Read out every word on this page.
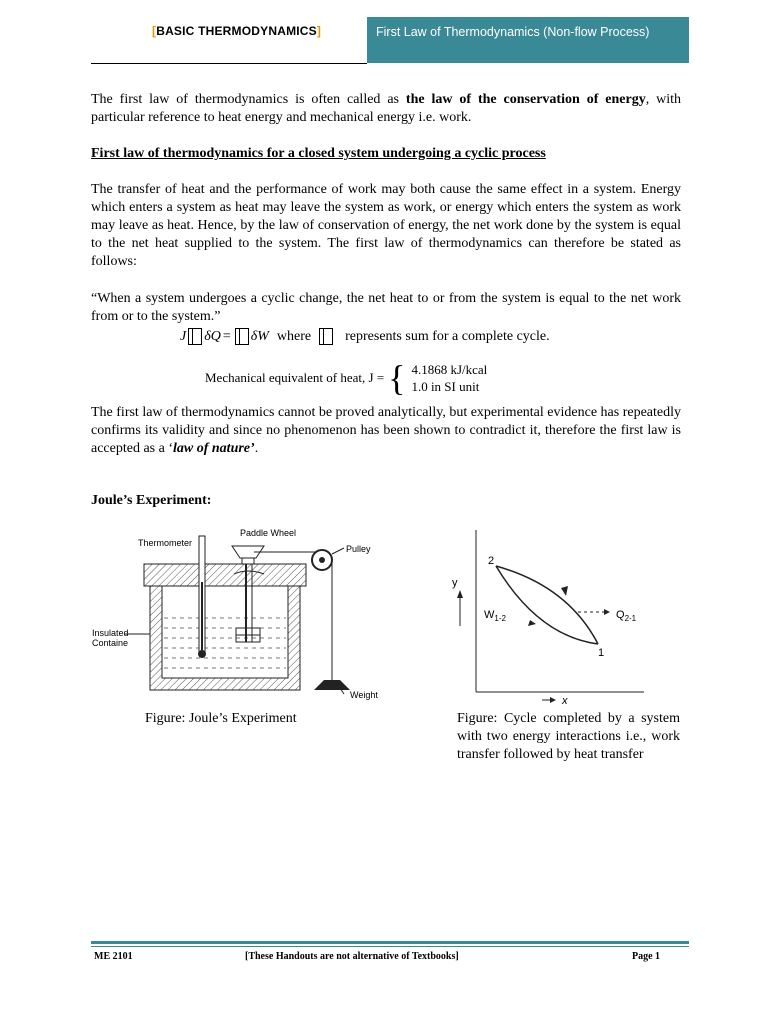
[BASIC THERMODYNAMICS]	First Law of Thermodynamics (Non-flow Process)

The first law of thermodynamics is often called as the law of the conservation of energy, with particular reference to heat energy and mechanical energy i.e. work.

First law of thermodynamics for a closed system undergoing a cyclic process

The transfer of heat and the performance of work may both cause the same effect in a system. Energy which enters a system as heat may leave the system as work, or energy which enters the system as work may leave as heat. Hence, by the law of conservation of energy, the net work done by the system is equal to the net heat supplied to the system. The first law of thermodynamics can therefore be stated as follows:

“When a system undergoes a cyclic change, the net heat to or from the system is equal to the net work from or to the system.”

J δQ = δW where represents sum for a complete cycle.
Mechanical equivalent of heat, J = { 4.1868 kJ/kcal
1.0 in SI unit

The first law of thermodynamics cannot be proved analytically, but experimental evidence has repeatedly confirms its validity and since no phenomenon has been shown to contradict it, therefore the first law is accepted as a ‘law of nature’.

Joule’s Experiment:

Thermometer
Paddle Wheel
Pulley
Insulated
Containe
Weight
Figure: Joule’s Experiment
y
x
2
1
$W_{1-2}$	$Q_{2-1}$
Figure: Cycle completed by a system with two energy interactions i.e., work transfer followed by heat transfer
ME 2101	[These Handouts are not alternative of Textbooks]	Page 1
